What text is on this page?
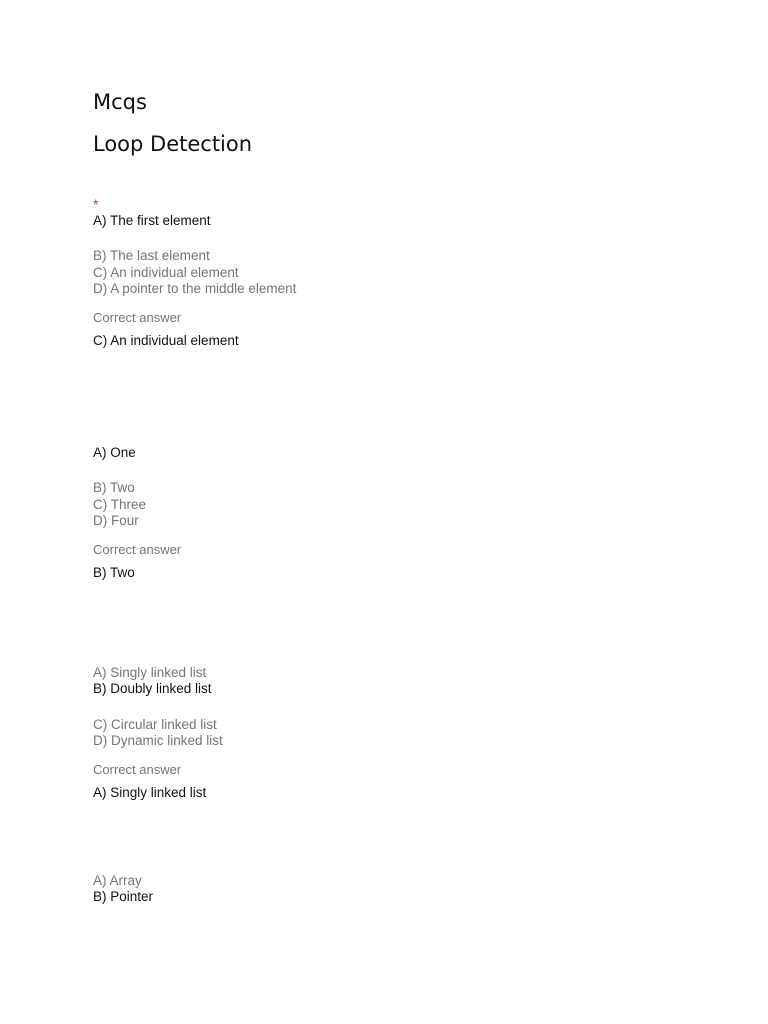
Mcqs
Loop Detection
*
A) The first element
B) The last element
C) An individual element
D) A pointer to the middle element
Correct answer
C) An individual element
A) One
B) Two
C) Three
D) Four
Correct answer
B) Two
A) Singly linked list
B) Doubly linked list
C) Circular linked list
D) Dynamic linked list
Correct answer
A) Singly linked list
A) Array
B) Pointer
